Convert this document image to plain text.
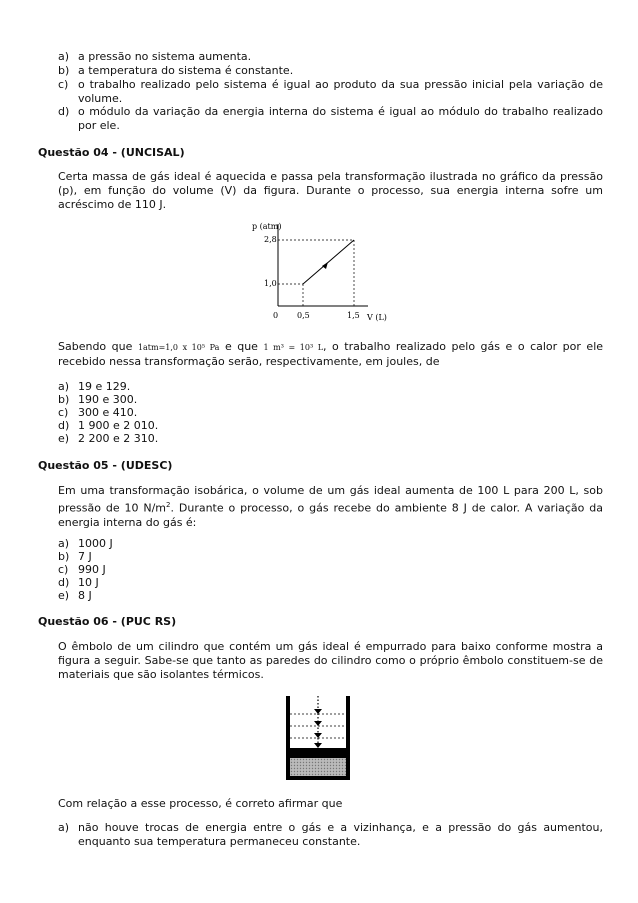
a) a pressão no sistema aumenta.
b) a temperatura do sistema é constante.
c) o trabalho realizado pelo sistema é igual ao produto da sua pressão inicial pela variação de volume.
d) o módulo da variação da energia interna do sistema é igual ao módulo do trabalho realizado por ele.
Questão 04 - (UNCISAL)
Certa massa de gás ideal é aquecida e passa pela transformação ilustrada no gráfico da pressão (p), em função do volume (V) da figura. Durante o processo, sua energia interna sofre um acréscimo de 110 J.
p (atm)
V (L)
2,8
1,0
0 0,5	1,5
Sabendo que 1atm=1,0 x 10⁵ Pa e que 1 m³ = 10³ L, o trabalho realizado pelo gás e o calor por ele recebido nessa transformação serão, respectivamente, em joules, de
a) 19 e 129.
b) 190 e 300.
c) 300 e 410.
d) 1 900 e 2 010.
e) 2 200 e 2 310.
Questão 05 - (UDESC)
Em uma transformação isobárica, o volume de um gás ideal aumenta de 100 L para 200 L, sob pressão de 10 $N/m^2$. Durante o processo, o gás recebe do ambiente 8 J de calor. A variação da energia interna do gás é:
a) 1000 J
b) 7 J
c) 990 J
d) 10 J
e) 8 J
Questão 06 - (PUC RS)
O êmbolo de um cilindro que contém um gás ideal é empurrado para baixo conforme mostra a figura a seguir. Sabe-se que tanto as paredes do cilindro como o próprio êmbolo constituem-se de materiais que são isolantes térmicos.
Com relação a esse processo, é correto afirmar que
a) não houve trocas de energia entre o gás e a vizinhança, e a pressão do gás aumentou, enquanto sua temperatura permaneceu constante.
